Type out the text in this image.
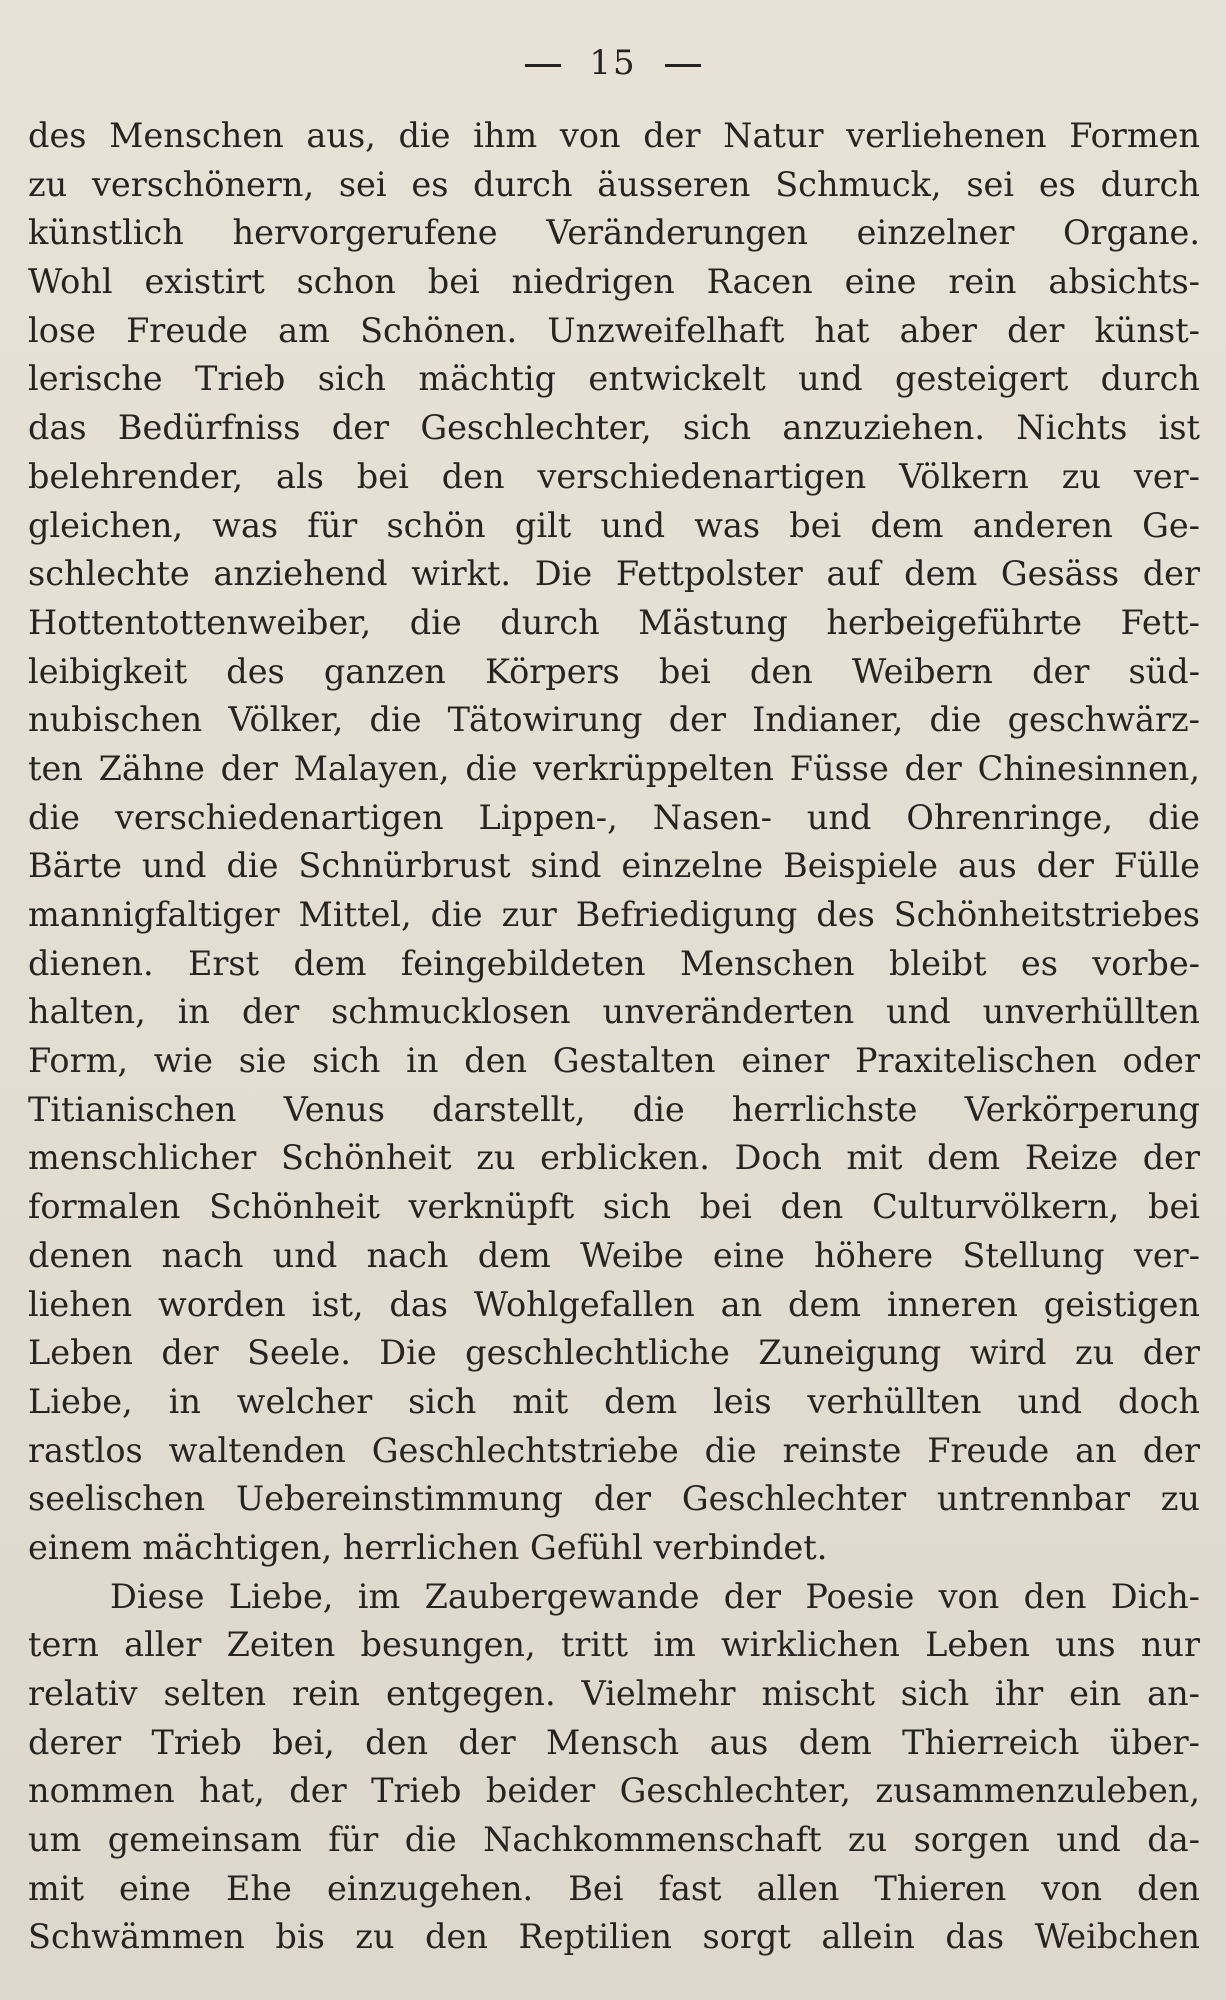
15
des Menschen aus, die ihm von der Natur verliehenen Formen
zu verschönern, sei es durch äusseren Schmuck, sei es durch
künstlich hervorgerufene Veränderungen einzelner Organe.
Wohl existirt schon bei niedrigen Racen eine rein absichts-
lose Freude am Schönen. Unzweifelhaft hat aber der künst-
lerische Trieb sich mächtig entwickelt und gesteigert durch
das Bedürfniss der Geschlechter, sich anzuziehen. Nichts ist
belehrender, als bei den verschiedenartigen Völkern zu ver-
gleichen, was für schön gilt und was bei dem anderen Ge-
schlechte anziehend wirkt. Die Fettpolster auf dem Gesäss der
Hottentottenweiber, die durch Mästung herbeigeführte Fett-
leibigkeit des ganzen Körpers bei den Weibern der süd-
nubischen Völker, die Tätowirung der Indianer, die geschwärz-
ten Zähne der Malayen, die verkrüppelten Füsse der Chinesinnen,
die verschiedenartigen Lippen-, Nasen- und Ohrenringe, die
Bärte und die Schnürbrust sind einzelne Beispiele aus der Fülle
mannigfaltiger Mittel, die zur Befriedigung des Schönheitstriebes
dienen. Erst dem feingebildeten Menschen bleibt es vorbe-
halten, in der schmucklosen unveränderten und unverhüllten
Form, wie sie sich in den Gestalten einer Praxitelischen oder
Titianischen Venus darstellt, die herrlichste Verkörperung
menschlicher Schönheit zu erblicken. Doch mit dem Reize der
formalen Schönheit verknüpft sich bei den Culturvölkern, bei
denen nach und nach dem Weibe eine höhere Stellung ver-
liehen worden ist, das Wohlgefallen an dem inneren geistigen
Leben der Seele. Die geschlechtliche Zuneigung wird zu der
Liebe, in welcher sich mit dem leis verhüllten und doch
rastlos waltenden Geschlechtstriebe die reinste Freude an der
seelischen Uebereinstimmung der Geschlechter untrennbar zu
einem mächtigen, herrlichen Gefühl verbindet.
Diese Liebe, im Zaubergewande der Poesie von den Dich-
tern aller Zeiten besungen, tritt im wirklichen Leben uns nur
relativ selten rein entgegen. Vielmehr mischt sich ihr ein an-
derer Trieb bei, den der Mensch aus dem Thierreich über-
nommen hat, der Trieb beider Geschlechter, zusammenzuleben,
um gemeinsam für die Nachkommenschaft zu sorgen und da-
mit eine Ehe einzugehen. Bei fast allen Thieren von den
Schwämmen bis zu den Reptilien sorgt allein das Weibchen
